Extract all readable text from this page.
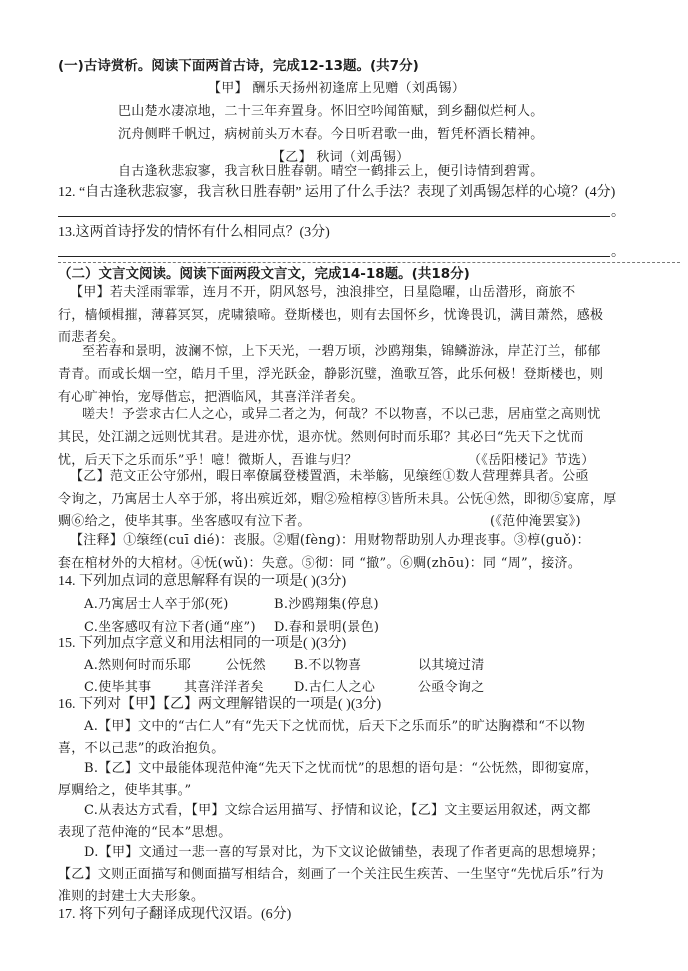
(一)古诗赏析。阅读下面两首古诗，完成12-13题。(共7分)
【甲】 酬乐天扬州初逢席上见赠（刘禹锡）
巴山楚水凄凉地，二十三年弃置身。怀旧空吟闻笛赋，到乡翻似烂柯人。
沉舟侧畔千帆过，病树前头万木春。今日听君歌一曲，暂凭杯酒长精神。
【乙】 秋词（刘禹锡）
自古逢秋悲寂寥，我言秋日胜春朝。晴空一鹤排云上，便引诗情到碧霄。
12. “自古逢秋悲寂寥，我言秋日胜春朝” 运用了什么手法？表现了刘禹锡怎样的心境？(4分)
。
13.这两首诗抒发的情怀有什么相同点？(3分)
。
（二）文言文阅读。阅读下面两段文言文，完成14-18题。(共18分)
【甲】若夫淫雨霏霏，连月不开，阴风怒号，浊浪排空，日星隐曜，山岳潜形，商旅不
行，樯倾楫摧，薄暮冥冥，虎啸猿啼。登斯楼也，则有去国怀乡，忧谗畏讥，满目萧然，感极
而悲者矣。
至若春和景明，波澜不惊，上下天光，一碧万顷，沙鸥翔集，锦鳞游泳，岸芷汀兰，郁郁
青青。而或长烟一空，皓月千里，浮光跃金，静影沉璧，渔歌互答，此乐何极！登斯楼也，则
有心旷神怡，宠辱偕忘，把酒临风，其喜洋洋者矣。
嗟夫！予尝求古仁人之心，或异二者之为，何哉？不以物喜，不以己悲，居庙堂之高则忧
其民，处江湖之远则忧其君。是进亦忧，退亦忧。然则何时而乐耶？其必曰“先天下之忧而
忧，后天下之乐而乐”乎！噫！微斯人，吾谁与归？	（《岳阳楼记》节选）
【乙】范文正公守邠州，暇日率僚属登楼置酒，未举觞，见缞绖①数人营理葬具者。公亟
令询之，乃寓居士人卒于邠，将出殡近郊，赗②殓棺椁③皆所未具。公怃④然，即彻⑤宴席，厚
赒⑥给之，使毕其事。坐客感叹有泣下者。	(《范仲淹罢宴》)
【注释】①缞绖(cuī dié)：丧服。②赗(fèng)：用财物帮助别人办理丧事。③椁(guǒ)：
套在棺材外的大棺材。④怃(wǔ)：失意。⑤彻：同 “撤”。⑥赒(zhōu)：同 “周”，接济。
14. 下列加点词的意思解释有误的一项是( )(3分)
A.乃寓居士人卒于邠(死)	B.沙鸥翔集(停息)
C.坐客感叹有泣下者(通“座”) D.春和景明(景色)
15. 下列加点字意义和用法相同的一项是( )(3分)
A.然则何时而乐耶	公怃然 B.不以物喜	以其境过清
C.使毕其事	其喜洋洋者矣 D.古仁人之心	公亟令询之
16. 下列对【甲】【乙】两文理解错误的一项是( )(3分)
A.【甲】文中的“古仁人”有“先天下之忧而忧，后天下之乐而乐”的旷达胸襟和“不以物
喜，不以己悲”的政治抱负。
B.【乙】文中最能体现范仲淹“先天下之忧而忧”的思想的语句是：“公怃然，即彻宴席，
厚赒给之，使毕其事。”
C.从表达方式看，【甲】文综合运用描写、抒情和议论，【乙】文主要运用叙述，两文都
表现了范仲淹的“民本”思想。
D.【甲】文通过一悲一喜的写景对比，为下文议论做铺垫，表现了作者更高的思想境界；
【乙】文则正面描写和侧面描写相结合，刻画了一个关注民生疾苦、一生坚守“先忧后乐”行为
准则的封建士大夫形象。
17. 将下列句子翻译成现代汉语。(6分)
